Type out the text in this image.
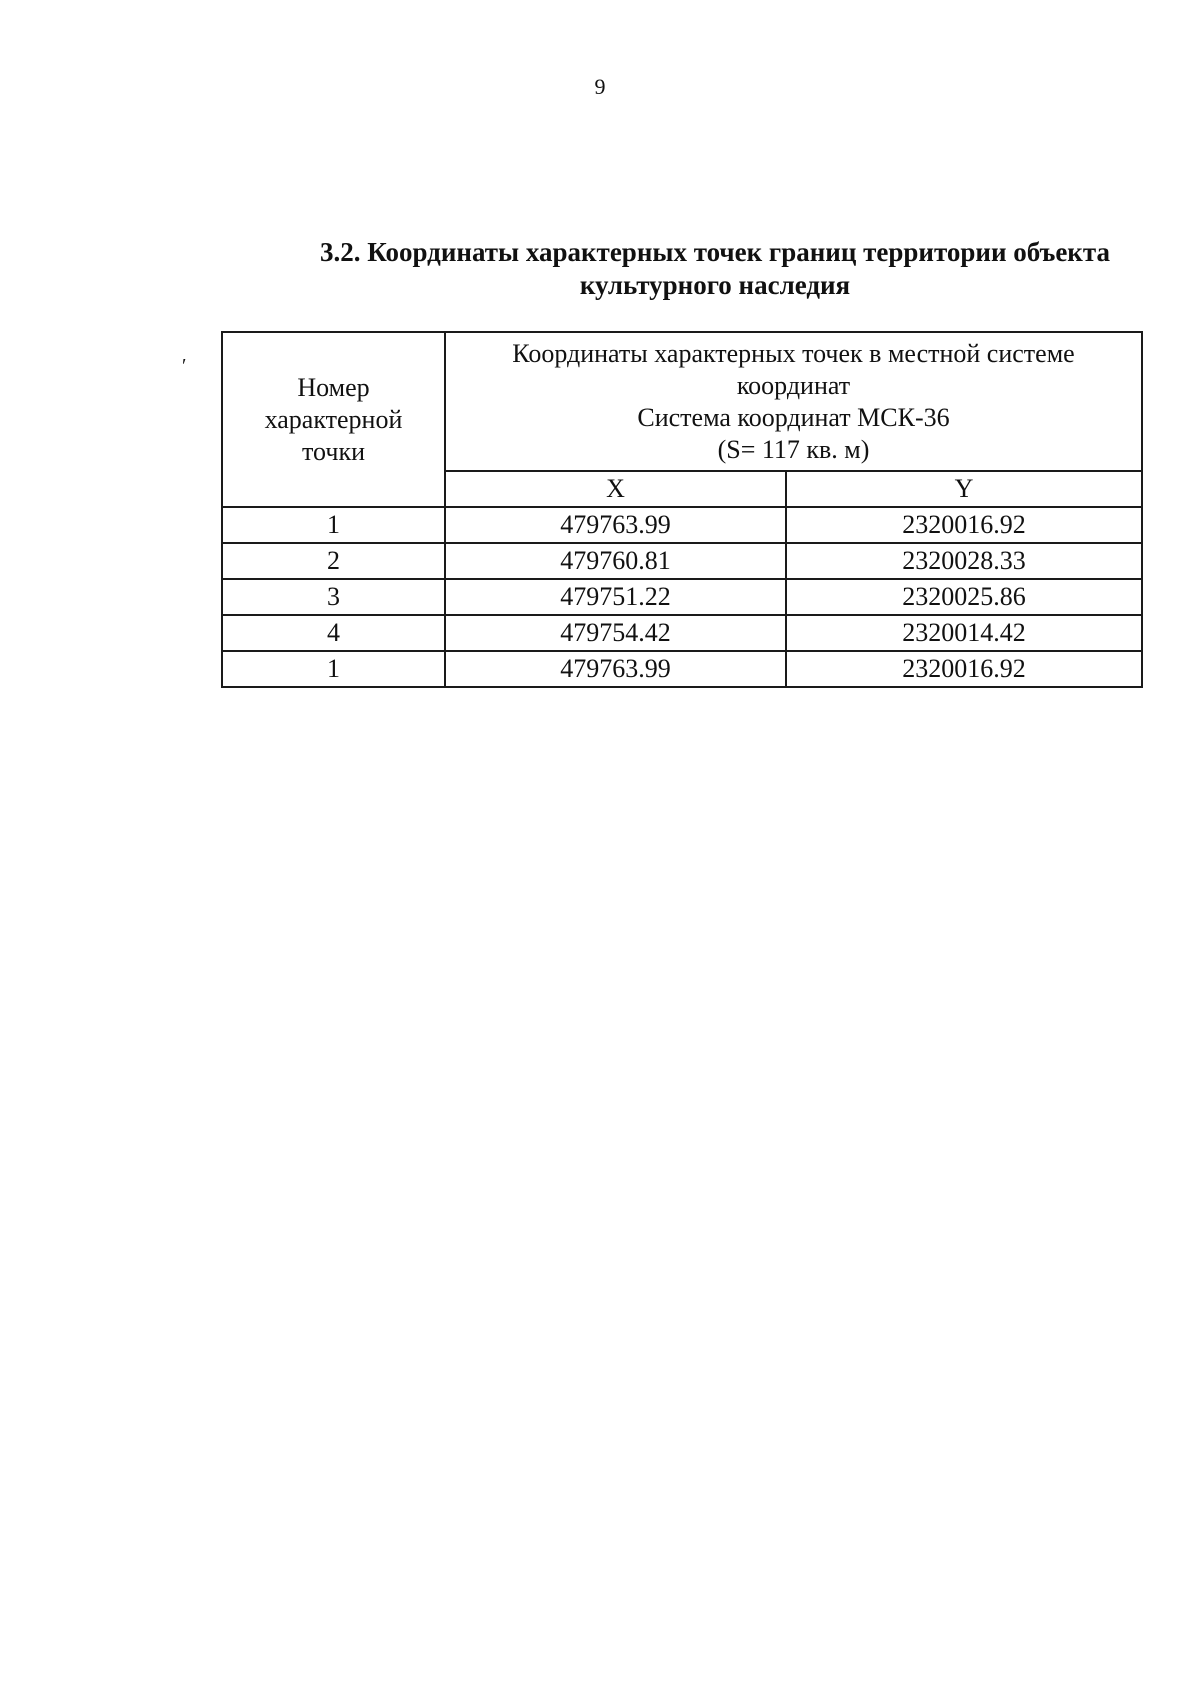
9
3.2. Координаты характерных точек границ территории объекта
культурного наследия
′
Номер
характерной
точки	Координаты характерных точек в местной системе
координат
Система координат МСК-36
(S= 117 кв. м)	

	X	Y
1	479763.99	2320016.92
2	479760.81	2320028.33
3	479751.22	2320025.86
4	479754.42	2320014.42
1	479763.99	2320016.92
